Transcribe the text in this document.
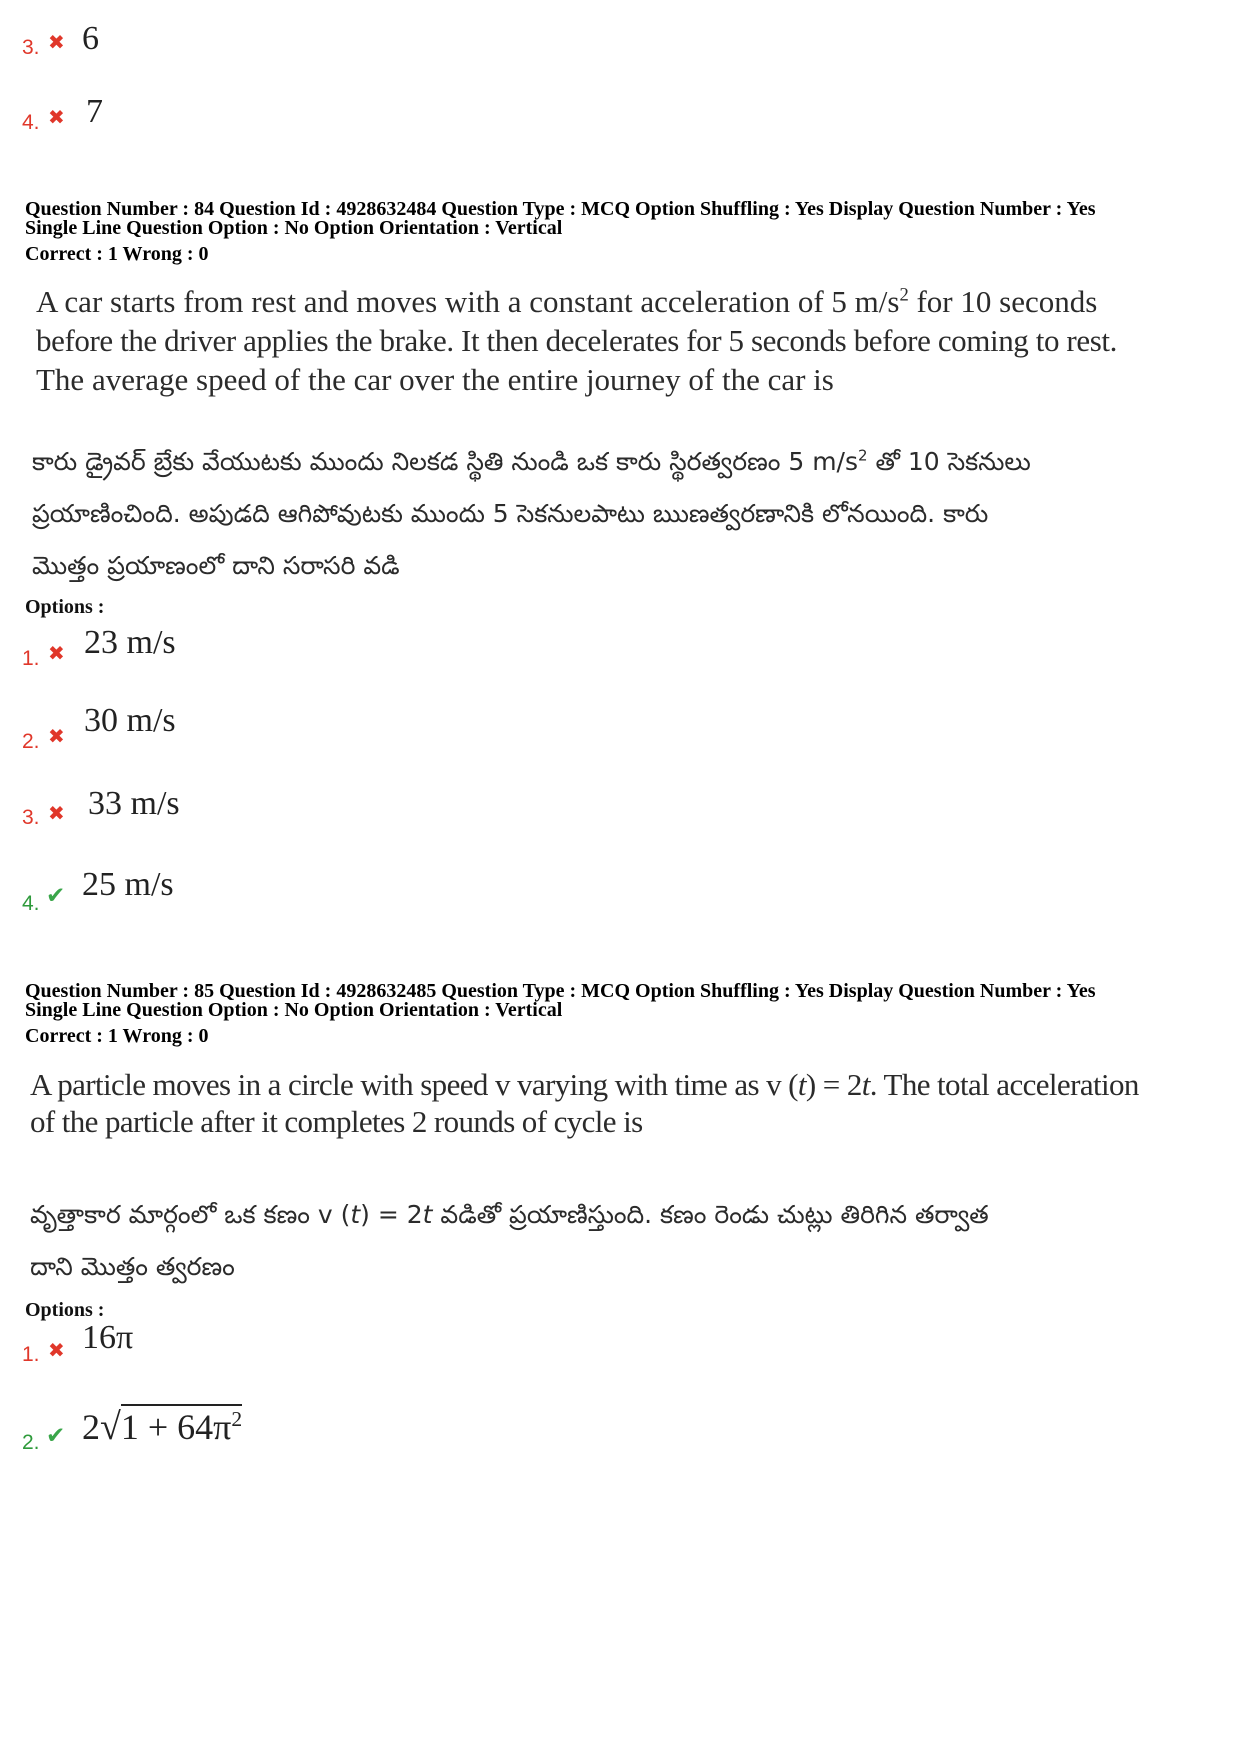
3. ✖ 6
4. ✖ 7
Question Number : 84 Question Id : 4928632484 Question Type : MCQ Option Shuffling : Yes Display Question Number : Yes
Single Line Question Option : No Option Orientation : Vertical
Correct : 1 Wrong : 0
A car starts from rest and moves with a constant acceleration of 5 $m/s^2$ for 10 seconds
before the driver applies the brake. It then decelerates for 5 seconds before coming to rest.
The average speed of the car over the entire journey of the car is
కారు డ్రైవర్ బ్రేకు వేయుటకు ముందు నిలకడ స్థితి నుండి ఒక కారు స్థిరత్వరణం 5 $m/s^2$ తో 10 సెకనులు
ప్రయాణించింది. అపుడది ఆగిపోవుటకు ముందు 5 సెకనులపాటు ఋణత్వరణానికి లోనయింది. కారు
మొత్తం ప్రయాణంలో దాని సరాసరి వడి
Options :
1. ✖ 23 m/s
2. ✖ 30 m/s
3. ✖ 33 m/s
4. ✔ 25 m/s
Question Number : 85 Question Id : 4928632485 Question Type : MCQ Option Shuffling : Yes Display Question Number : Yes
Single Line Question Option : No Option Orientation : Vertical
Correct : 1 Wrong : 0
A particle moves in a circle with speed v varying with time as v (t) = 2t. The total acceleration
of the particle after it completes 2 rounds of cycle is
వృత్తాకార మార్గంలో ఒక కణం v (t) = 2t వడితో ప్రయాణిస్తుంది. కణం రెండు చుట్లు తిరిగిన తర్వాత
దాని మొత్తం త్వరణం
Options :
1. ✖ 16π
2. ✔ $2√1 + 64\pi^2$
